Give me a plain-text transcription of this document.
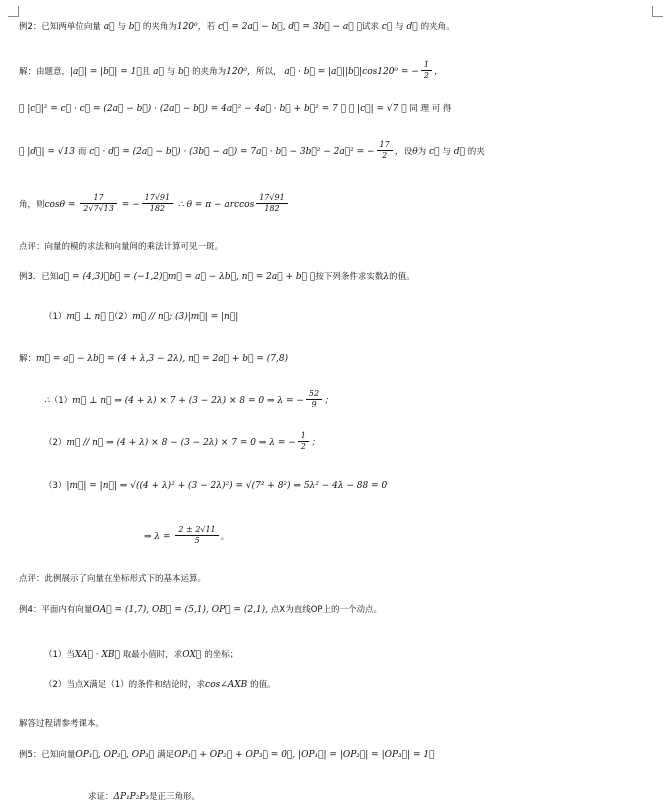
例2：已知两单位向量 a⃗ 与 b⃗ 的夹角为120⁰，若 c⃗ = 2a⃗ − b⃗, d⃗ = 3b⃗ − a⃗ ，试求 c⃗ 与 d⃗ 的夹角。
解：由题意，|a⃗| = |b⃗| = 1，且 a⃗ 与 b⃗ 的夹角为120⁰，所以， a⃗ · b⃗ = |a⃗||b⃗|cos120⁰ = − $\frac{1}{2}$ ，
∵ |c⃗|² = c⃗ · c⃗ = (2a⃗ − b⃗) · (2a⃗ − b⃗) = 4a⃗² − 4a⃗ · b⃗ + b⃗² = 7 ， ∴ |c⃗| = √7 ， 同 理 可 得
∴ |d⃗| = √13 而 c⃗ · d⃗ = (2a⃗ − b⃗) · (3b⃗ − a⃗) = 7a⃗ · b⃗ − 3b⃗² − 2a⃗² = − $\frac{17}{2}$ ，设θ为 c⃗ 与 d⃗ 的夹
角，则$\cos\theta = \frac{17}{2√7√13}$ = − $\frac{17√91}{182}$ ∴ $\theta = \pi - \arccos \frac{17√91}{182}$
点评：向量的模的求法和向量间的乘法计算可见一斑。
例3．已知a⃗ = (4,3)，b⃗ = (−1,2)，m⃗ = a⃗ − λb⃗, n⃗ = 2a⃗ + b⃗ ，按下列条件求实数λ的值。
（1）m⃗ ⊥ n⃗ ；（2）m⃗ // n⃗; (3)|m⃗| = |n⃗|
解：m⃗ = a⃗ − λb⃗ = (4 + λ,3 − 2λ), n⃗ = 2a⃗ + b⃗ = (7,8)
∴（1）m⃗ ⊥ n⃗ ⇒ (4 + λ) × 7 + (3 − 2λ) × 8 = 0 ⇒ λ = − $\frac{52}{9}$ ；
（2）m⃗ // n⃗ ⇒ (4 + λ) × 8 − (3 − 2λ) × 7 = 0 ⇒ λ = − $\frac{1}{2}$ ；
（3）|m⃗| = |n⃗| ⇒ √((4 + λ)² + (3 − 2λ)²) = √(7² + 8²) ⇒ 5λ² − 4λ − 88 = 0
⇒ $\lambda = \frac{2 \pm 2√11}{5}$ 。
点评：此例展示了向量在坐标形式下的基本运算。
例4：平面内有向量OA⃗ = (1,7), OB⃗ = (5,1), OP⃗ = (2,1), 点X为直线OP上的一个动点。
（1）当XA⃗ · XB⃗ 取最小值时，求OX⃗ 的坐标；
（2）当点X满足（1）的条件和结论时，求cos∠AXB 的值。
解答过程请参考课本。
例5：已知向量OP₁⃗, OP₂⃗, OP₃⃗ 满足OP₁⃗ + OP₂⃗ + OP₃⃗ = 0⃗, |OP₁⃗| = |OP₂⃗| = |OP₃⃗| = 1，
求证：ΔP₁P₂P₃是正三角形。
